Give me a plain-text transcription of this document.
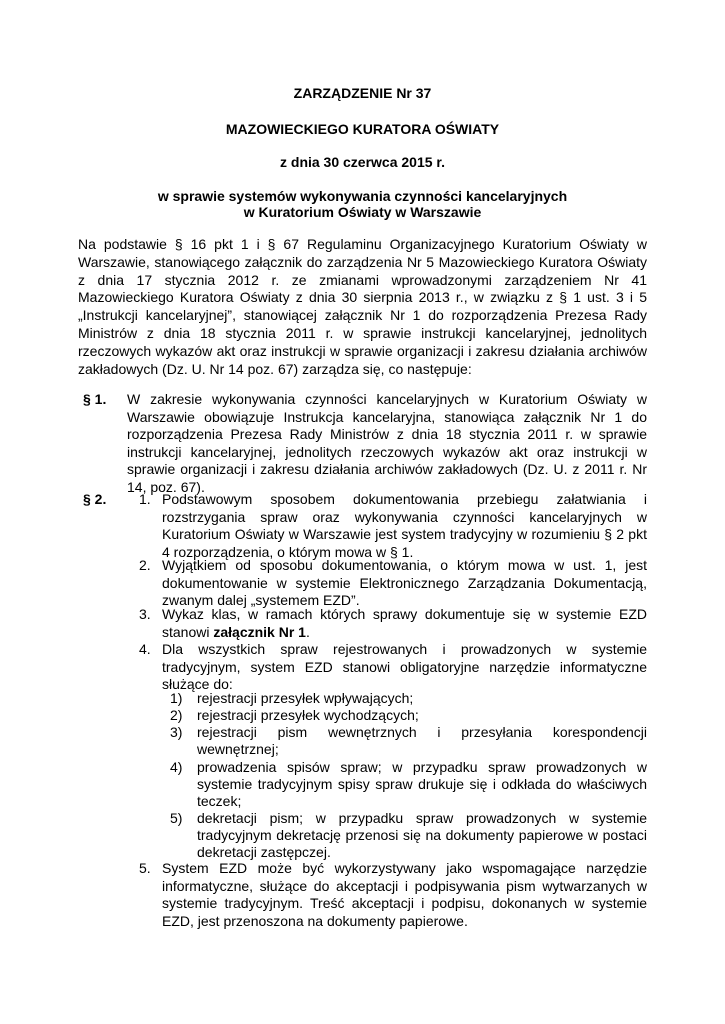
ZARZĄDZENIE Nr 37
MAZOWIECKIEGO KURATORA OŚWIATY
z dnia 30 czerwca 2015 r.
w sprawie systemów wykonywania czynności kancelaryjnych
w Kuratorium Oświaty w Warszawie
Na podstawie § 16 pkt 1 i § 67 Regulaminu Organizacyjnego Kuratorium Oświaty w Warszawie, stanowiącego załącznik do zarządzenia Nr 5 Mazowieckiego Kuratora Oświaty z dnia 17 stycznia 2012 r. ze zmianami wprowadzonymi zarządzeniem Nr 41 Mazowieckiego Kuratora Oświaty z dnia 30 sierpnia 2013 r., w związku z § 1 ust. 3 i 5 „Instrukcji kancelaryjnej”, stanowiącej załącznik Nr 1 do rozporządzenia Prezesa Rady Ministrów z dnia 18 stycznia 2011 r. w sprawie instrukcji kancelaryjnej, jednolitych rzeczowych wykazów akt oraz instrukcji w sprawie organizacji i zakresu działania archiwów zakładowych (Dz. U. Nr 14 poz. 67) zarządza się, co następuje:
§ 1. W zakresie wykonywania czynności kancelaryjnych w Kuratorium Oświaty w Warszawie obowiązuje Instrukcja kancelaryjna, stanowiąca załącznik Nr 1 do rozporządzenia Prezesa Rady Ministrów z dnia 18 stycznia 2011 r. w sprawie instrukcji kancelaryjnej, jednolitych rzeczowych wykazów akt oraz instrukcji w sprawie organizacji i zakresu działania archiwów zakładowych (Dz. U. z 2011 r. Nr 14, poz. 67).
§ 2. 1. Podstawowym sposobem dokumentowania przebiegu załatwiania i rozstrzygania spraw oraz wykonywania czynności kancelaryjnych w Kuratorium Oświaty w Warszawie jest system tradycyjny w rozumieniu § 2 pkt 4 rozporządzenia, o którym mowa w § 1.
2. Wyjątkiem od sposobu dokumentowania, o którym mowa w ust. 1, jest dokumentowanie w systemie Elektronicznego Zarządzania Dokumentacją, zwanym dalej „systemem EZD”.
3. Wykaz klas, w ramach których sprawy dokumentuje się w systemie EZD stanowi załącznik Nr 1.
4. Dla wszystkich spraw rejestrowanych i prowadzonych w systemie tradycyjnym, system EZD stanowi obligatoryjne narzędzie informatyczne służące do:
1) rejestracji przesyłek wpływających;
2) rejestracji przesyłek wychodzących;
3) rejestracji pism wewnętrznych i przesyłania korespondencji wewnętrznej;
4) prowadzenia spisów spraw; w przypadku spraw prowadzonych w systemie tradycyjnym spisy spraw drukuje się i odkłada do właściwych teczek;
5) dekretacji pism; w przypadku spraw prowadzonych w systemie tradycyjnym dekretację przenosi się na dokumenty papierowe w postaci dekretacji zastępczej.
5. System EZD może być wykorzystywany jako wspomagające narzędzie informatyczne, służące do akceptacji i podpisywania pism wytwarzanych w systemie tradycyjnym. Treść akceptacji i podpisu, dokonanych w systemie EZD, jest przenoszona na dokumenty papierowe.
